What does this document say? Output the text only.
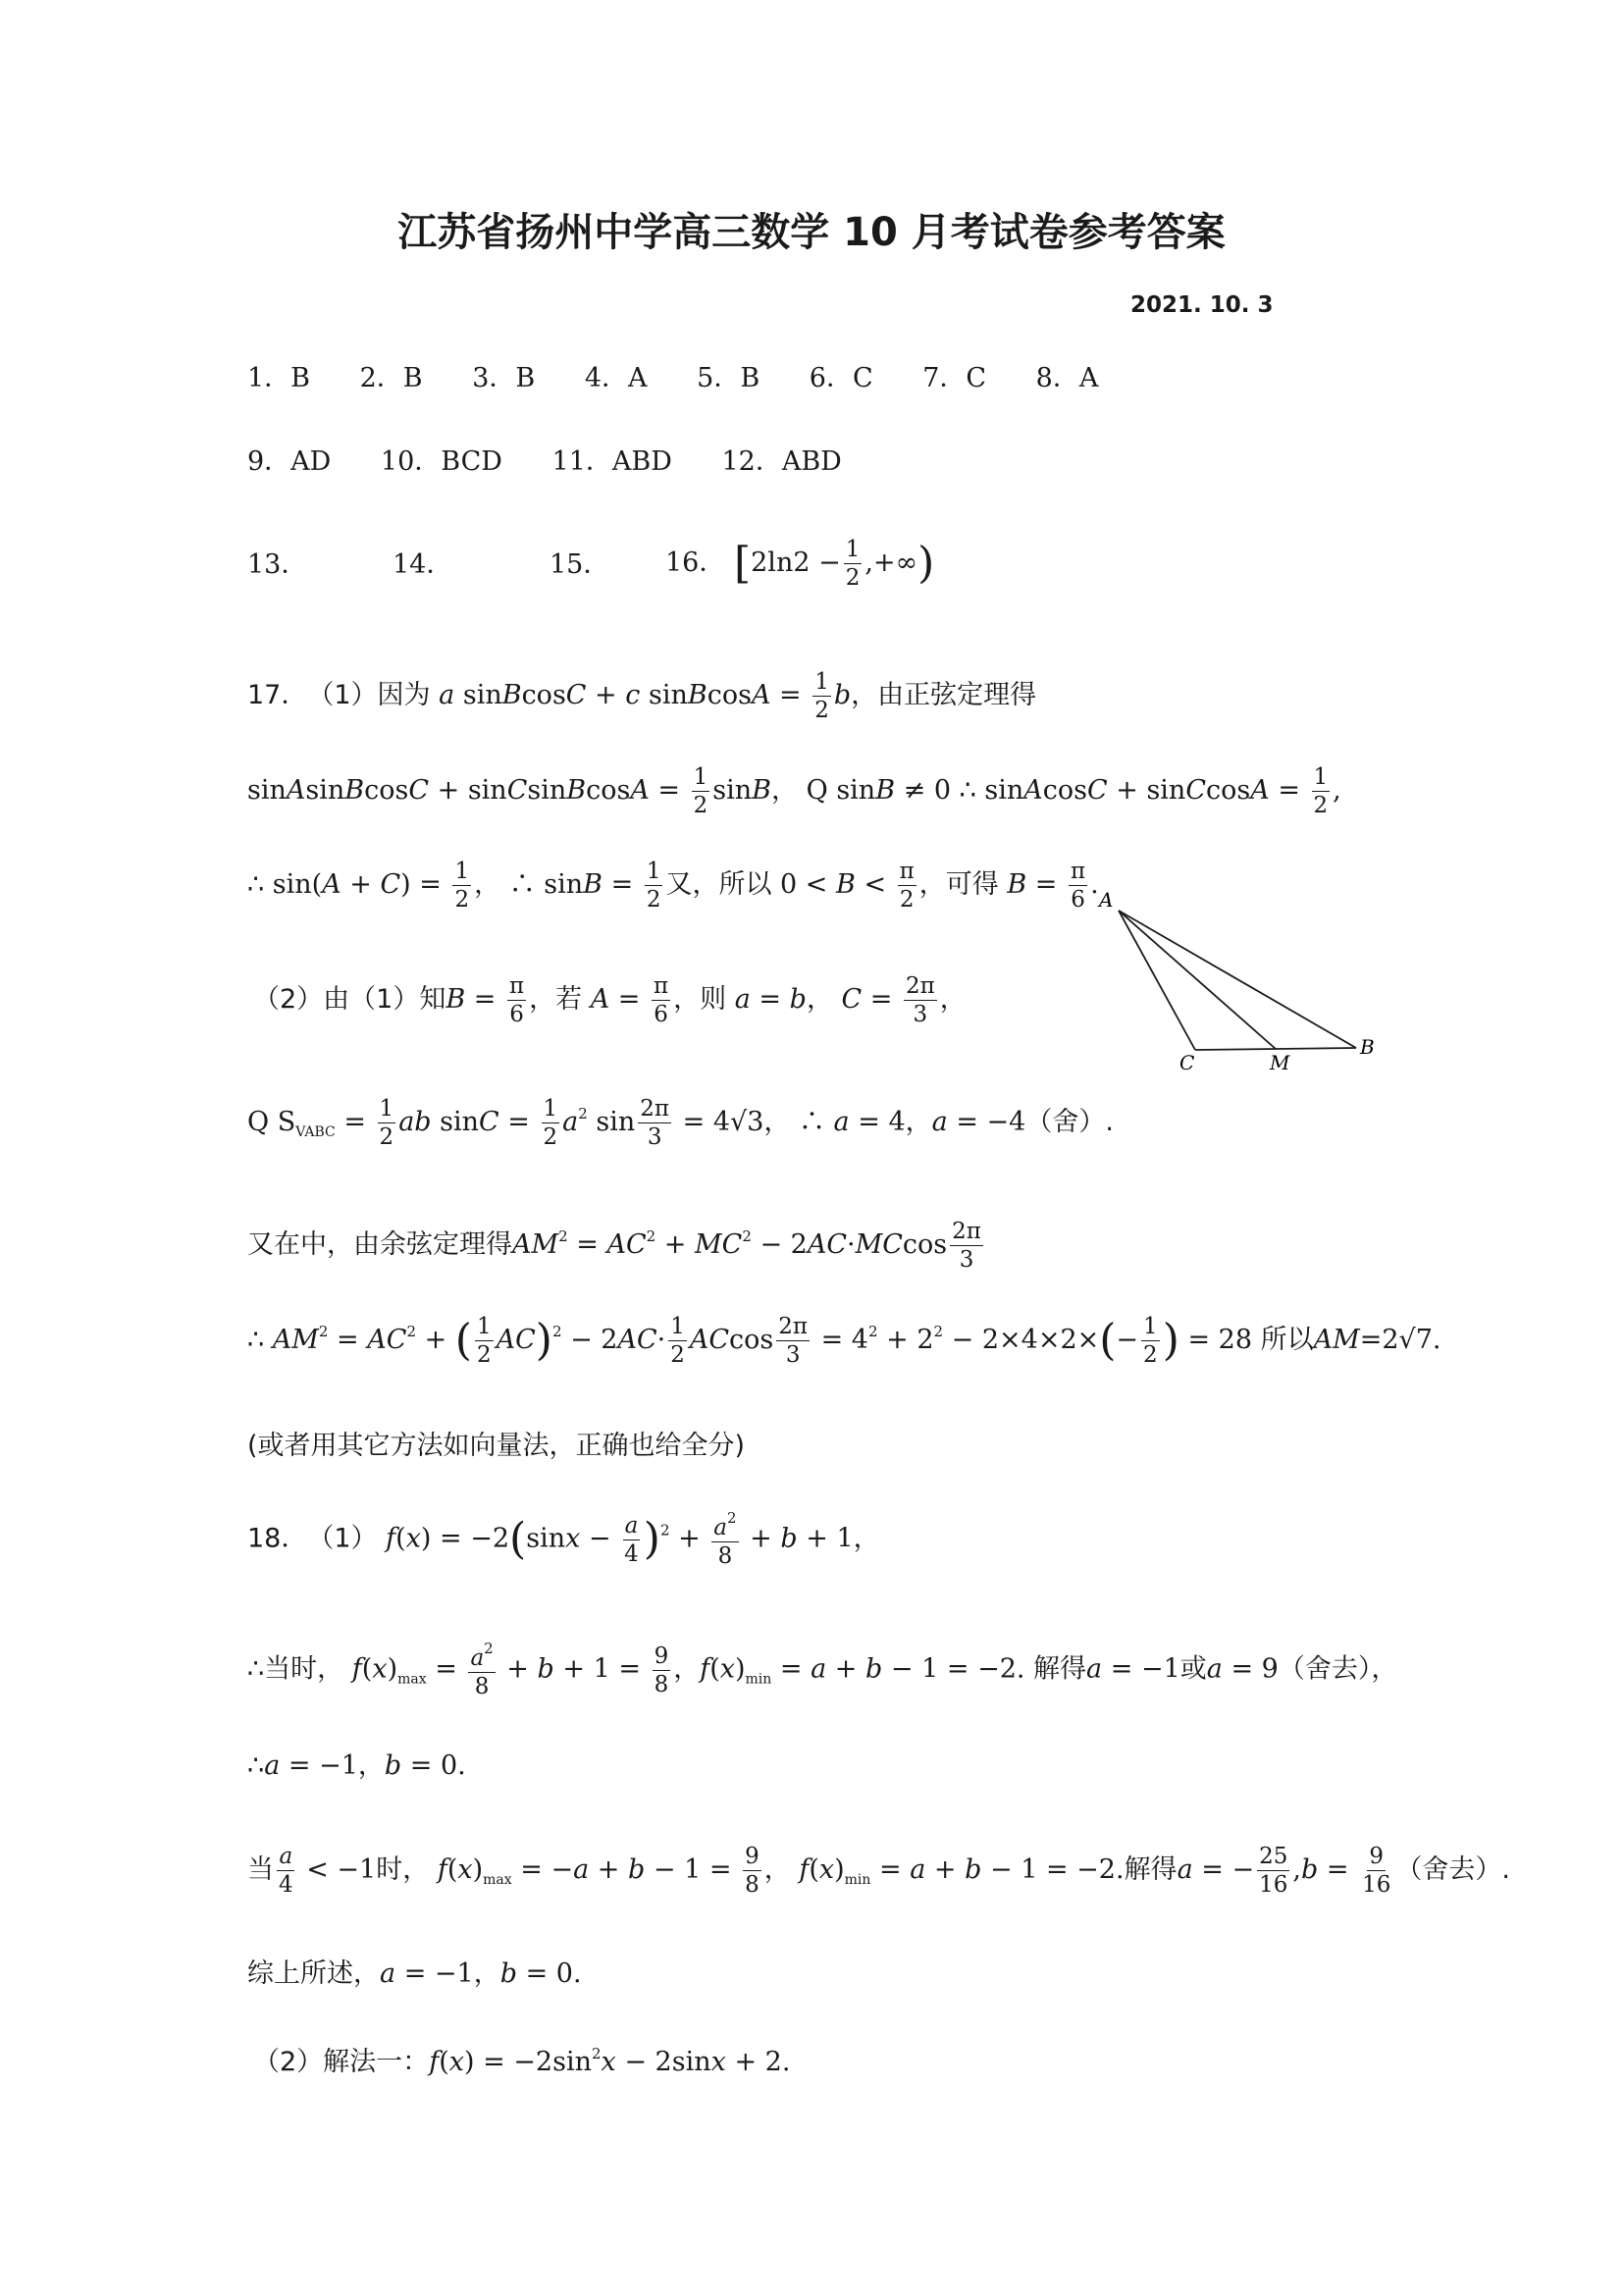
江苏省扬州中学高三数学 10 月考试卷参考答案
2021. 10. 3
1．B 2．B 3．B 4．A 5．B 6．C 7．C 8．A
9．AD 10．BCD 11．ABD 12．ABD
13．	14．	15． 16． [$2\ln 2 - \frac{1}{2}$ ,+∞)
17．　（1）因为 a sinBcosC + c sinBcosA = $\frac{1}{2}$ b，由正弦定理得
sinAsinBcosC + sinCsinBcosA = $\frac{1}{2}$ sinB， Q sinB ≠ 0 ∴ sinAcosC + sinCcosA = $\frac{1}{2}$ ,
∴ $\sin(A + C) = \frac{1}{2}$ ， ∴ $\sin B = \frac{1}{2}$ 又，所以 $0 < B < \frac{\pi}{2}$ ，可得 $B = \frac{\pi}{6}$ .
（2）由（1）知$B = \frac{\pi}{6}$ ，若 $A = \frac{\pi}{6}$ ，则 a = b， $C = \frac{2\pi}{3}$ ，
A
B
C	M
Q $S_{VABC} = \frac{1}{2}$ ab $\sin C = \frac{1}{2} a^2$ $\sin \frac{2\pi}{3} = 4√3$， ∴ a = 4，a = −4（舍）.
又在中，由余弦定理得$AM^2 = AC^2 + MC^2 - 2AC\cdot MCcos \frac{2\pi}{3}$
∴ $AM^2 = AC^2$ + ( $\frac{1}{2} AC)^2 - 2AC\cdot \frac{1}{2}$ ACcos $\frac{2\pi}{3} = 4^2 + 2^2 - 2\times 4\times 2\times(- \frac{1}{2}$ ) = 28 所以AM=2√7.
(或者用其它方法如向量法，正确也给全分)
18．　（1） $f(x) = -2(\sin x - \frac{a}{4} )^2 + \frac{a^2}{8} + b + 1$，
∴当时， $f(x)_{max} = \frac{a^2}{8} + b + 1 = \frac{9}{8}$ ，$f(x)_{min} = a + b - 1 = -2$. 解得a = −1或a = 9（舍去），
∴a = −1，b = 0.
当 $\frac{a}{4} < -1$时， $f(x)_{max} = -a + b - 1 = \frac{9}{8}$ ， $f(x)_{min} = a + b - 1 = -2$.解得a = − $\frac{25}{16} ,b = \frac{9}{16}$ （舍去）.
综上所述，a = −1，b = 0.
（2）解法一：$f(x) = -2\sin^2x - 2\sin x + 2$.
